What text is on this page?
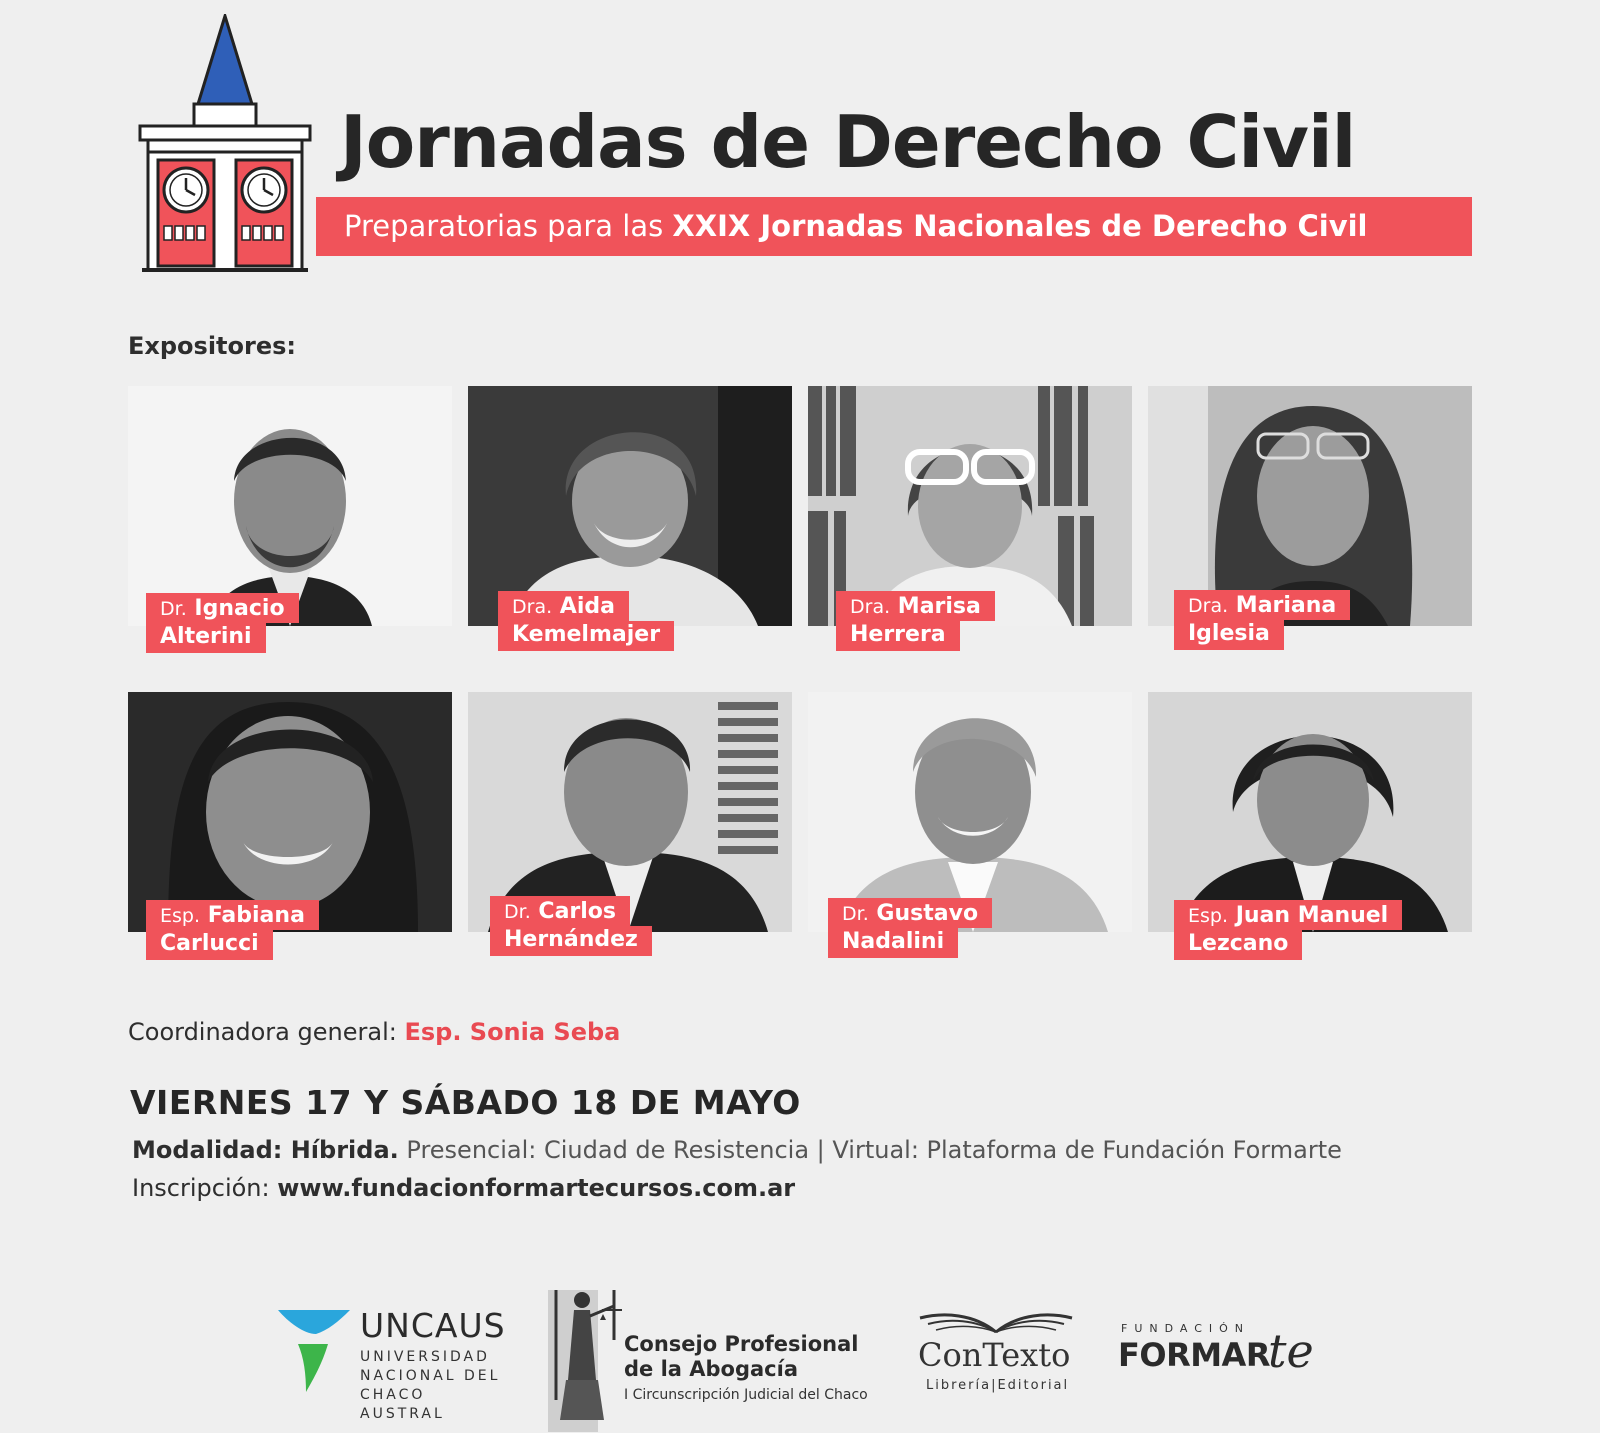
Jornadas de Derecho Civil
Preparatorias para las XXIX Jornadas Nacionales de Derecho Civil
Expositores:
Dr. Ignacio
Alterini
Dra. Aida
Kemelmajer
Dra. Marisa
Herrera
Dra. Mariana
Iglesia
Esp. Fabiana
Carlucci
Dr. Carlos
Hernández
Dr. Gustavo
Nadalini
Esp. Juan Manuel
Lezcano
Coordinadora general: Esp. Sonia Seba
VIERNES 17 Y SÁBADO 18 DE MAYO
Modalidad: Híbrida. Presencial: Ciudad de Resistencia | Virtual: Plataforma de Fundación Formarte
Inscripción: www.fundacionformartecursos.com.ar
UNCAUS
UNIVERSIDAD
NACIONAL DEL
CHACO AUSTRAL
Consejo Profesional
de la Abogacía
I Circunscripción Judicial del Chaco
ConTexto
Librería|Editorial
FUNDACIÓN
FORMAR
te
